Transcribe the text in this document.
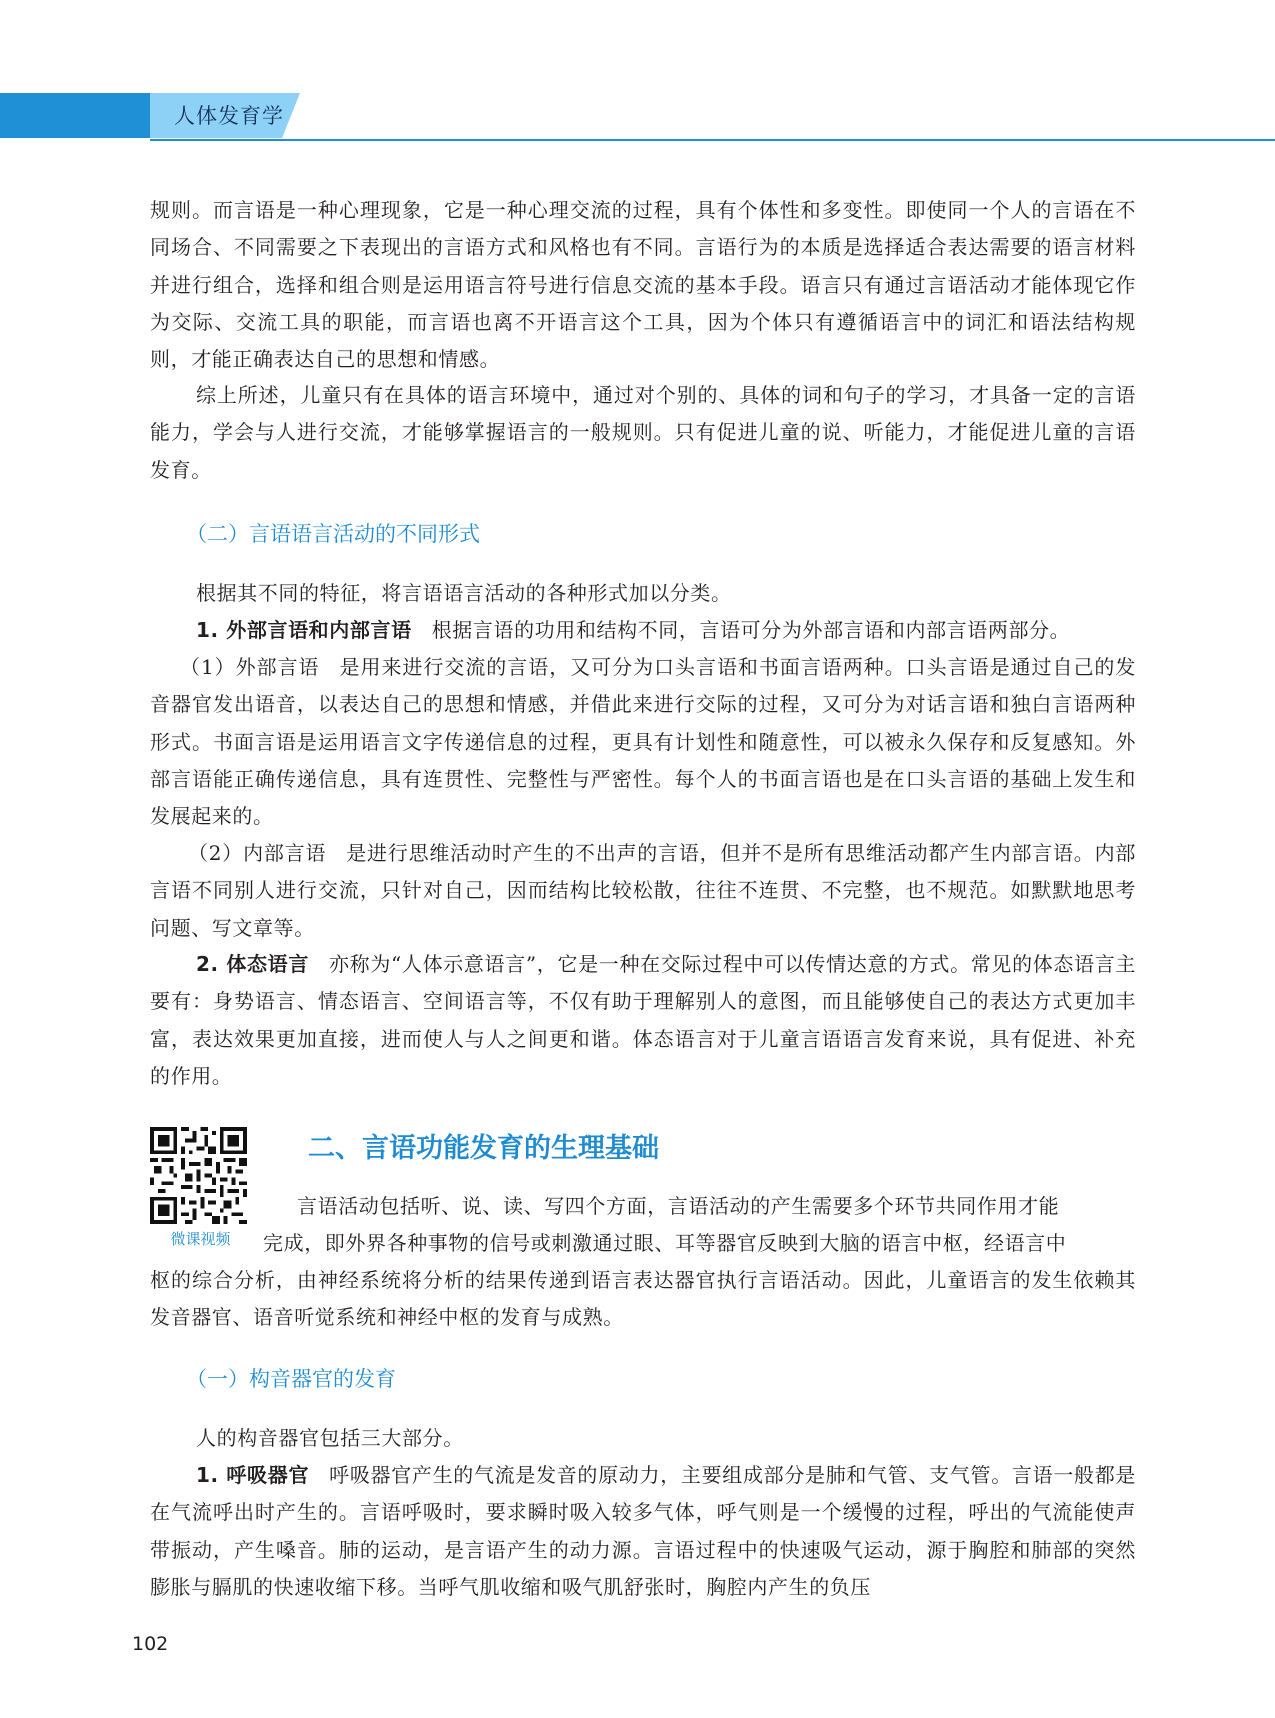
人体发育学

规则。而言语是一种心理现象，它是一种心理交流的过程，具有个体性和多变性。即使同一个人的言语在不同场合、不同需要之下表现出的言语方式和风格也有不同。言语行为的本质是选择适合表达需要的语言材料并进行组合，选择和组合则是运用语言符号进行信息交流的基本手段。语言只有通过言语活动才能体现它作为交际、交流工具的职能，而言语也离不开语言这个工具，因为个体只有遵循语言中的词汇和语法结构规则，才能正确表达自己的思想和情感。

综上所述，儿童只有在具体的语言环境中，通过对个别的、具体的词和句子的学习，才具备一定的言语能力，学会与人进行交流，才能够掌握语言的一般规则。只有促进儿童的说、听能力，才能促进儿童的言语发育。

（二）言语语言活动的不同形式

根据其不同的特征，将言语语言活动的各种形式加以分类。

1. 外部言语和内部言语 根据言语的功用和结构不同，言语可分为外部言语和内部言语两部分。

（1）外部言语 是用来进行交流的言语，又可分为口头言语和书面言语两种。口头言语是通过自己的发音器官发出语音，以表达自己的思想和情感，并借此来进行交际的过程，又可分为对话言语和独白言语两种形式。书面言语是运用语言文字传递信息的过程，更具有计划性和随意性，可以被永久保存和反复感知。外部言语能正确传递信息，具有连贯性、完整性与严密性。每个人的书面言语也是在口头言语的基础上发生和发展起来的。

（2）内部言语 是进行思维活动时产生的不出声的言语，但并不是所有思维活动都产生内部言语。内部言语不同别人进行交流，只针对自己，因而结构比较松散，往往不连贯、不完整，也不规范。如默默地思考问题、写文章等。

2. 体态语言 亦称为“人体示意语言”，它是一种在交际过程中可以传情达意的方式。常见的体态语言主要有：身势语言、情态语言、空间语言等，不仅有助于理解别人的意图，而且能够使自己的表达方式更加丰富，表达效果更加直接，进而使人与人之间更和谐。体态语言对于儿童言语语言发育来说，具有促进、补充的作用。

微课视频
二、言语功能发育的生理基础

言语活动包括听、说、读、写四个方面，言语活动的产生需要多个环节共同作用才能

完成，即外界各种事物的信号或刺激通过眼、耳等器官反映到大脑的语言中枢，经语言中

枢的综合分析，由神经系统将分析的结果传递到语言表达器官执行言语活动。因此，儿童语言的发生依赖其发音器官、语音听觉系统和神经中枢的发育与成熟。

（一）构音器官的发育

人的构音器官包括三大部分。

1. 呼吸器官 呼吸器官产生的气流是发音的原动力，主要组成部分是肺和气管、支气管。言语一般都是在气流呼出时产生的。言语呼吸时，要求瞬时吸入较多气体，呼气则是一个缓慢的过程，呼出的气流能使声带振动，产生嗓音。肺的运动，是言语产生的动力源。言语过程中的快速吸气运动，源于胸腔和肺部的突然膨胀与膈肌的快速收缩下移。当呼气肌收缩和吸气肌舒张时，胸腔内产生的负压

102
